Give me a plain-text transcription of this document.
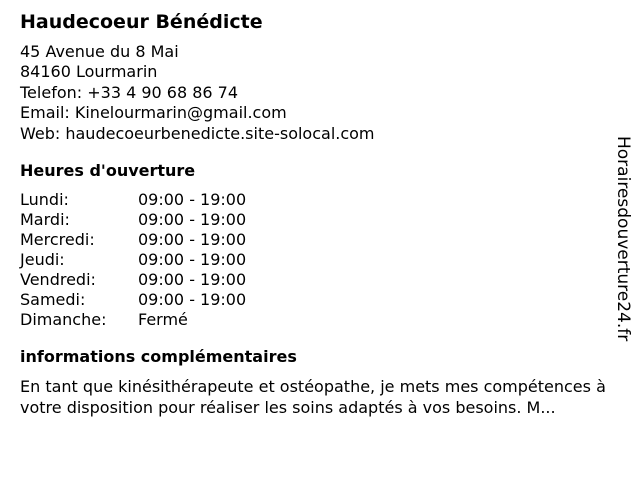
Haudecoeur Bénédicte
45 Avenue du 8 Mai
84160 Lourmarin
Telefon: +33 4 90 68 86 74
Email: Kinelourmarin@gmail.com
Web: haudecoeurbenedicte.site-solocal.com
Heures d'ouverture
Lundi:	09:00 - 19:00
Mardi:	09:00 - 19:00
Mercredi:	09:00 - 19:00
Jeudi:	09:00 - 19:00
Vendredi:	09:00 - 19:00
Samedi:	09:00 - 19:00
Dimanche:	Fermé
informations complémentaires
En tant que kinésithérapeute et ostéopathe, je mets mes compétences à votre disposition pour réaliser les soins adaptés à vos besoins. M...
Horairesdouverture24.fr
